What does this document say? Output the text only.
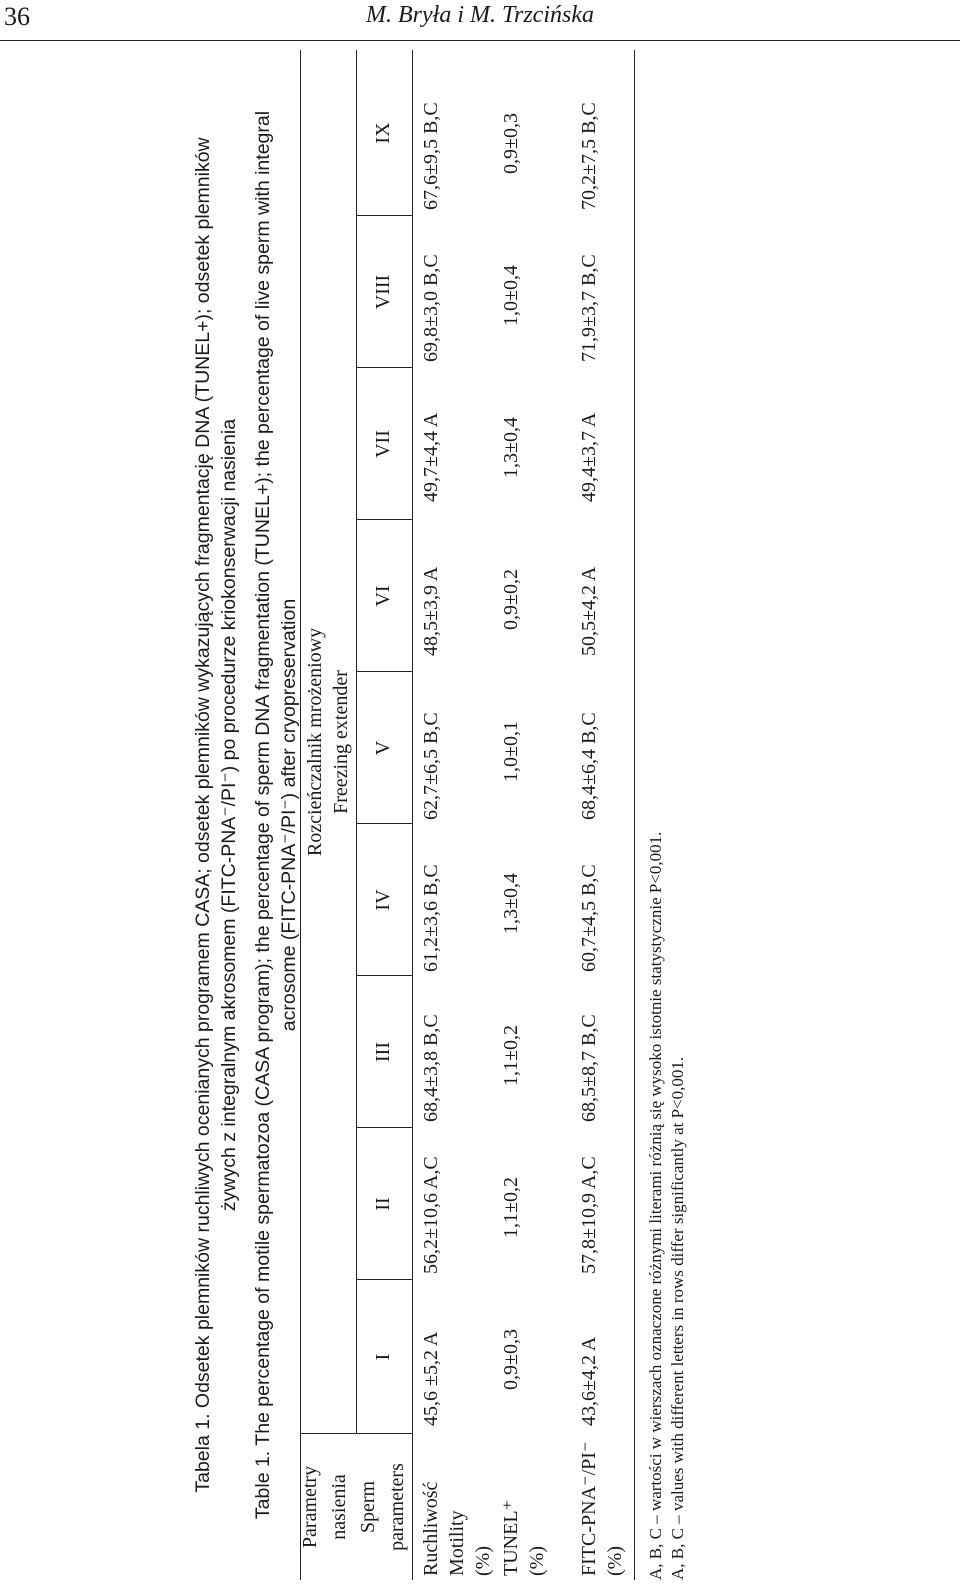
36	M. Bryła i M. Trzcińska
Tabela 1. Odsetek plemników ruchliwych ocenianych programem CASA; odsetek plemników wykazujących fragmentację DNA (TUNEL+); odsetek plemników żywych z integralnym akrosomem (FITC-PNA⁻/PI⁻) po procedurze kriokonserwacji nasienia Table 1. The percentage of motile spermatozoa (CASA program); the percentage of sperm DNA fragmentation (TUNEL+); the percentage of live sperm with integral acrosome (FITC-PNA⁻/PI⁻) after cryopreservation
Parametry nasienia Sperm parameters
Rozcieńczalnik mrożeniowy Freezing extender
I
II
III
IV
V
VI
VII
VIII
IX
Ruchliwość Motility (%)
45,6 ±5,2 A
56,2±10,6 A,C
68,4±3,8 B,C
61,2±3,6 B,C
62,7±6,5 B,C
48,5±3,9 A
49,7±4,4 A
69,8±3,0 B,C
67,6±9,5 B,C
TUNEL⁺ (%)
0,9±0,3
1,1±0,2
1,1±0,2
1,3±0,4
1,0±0,1
0,9±0,2
1,3±0,4
1,0±0,4
0,9±0,3
FITC-PNA⁻/PI⁻ (%)
43,6±4,2 A
57,8±10,9 A,C
68,5±8,7 B,C
60,7±4,5 B,C
68,4±6,4 B,C
50,5±4,2 A
49,4±3,7 A
71,9±3,7 B,C
70,2±7,5 B,C
A, B, C – wartości w wierszach oznaczone różnymi literami różnią się wysoko istotnie statystycznie P<0,001. A, B, C – values with different letters in rows differ significantly at P<0,001.
